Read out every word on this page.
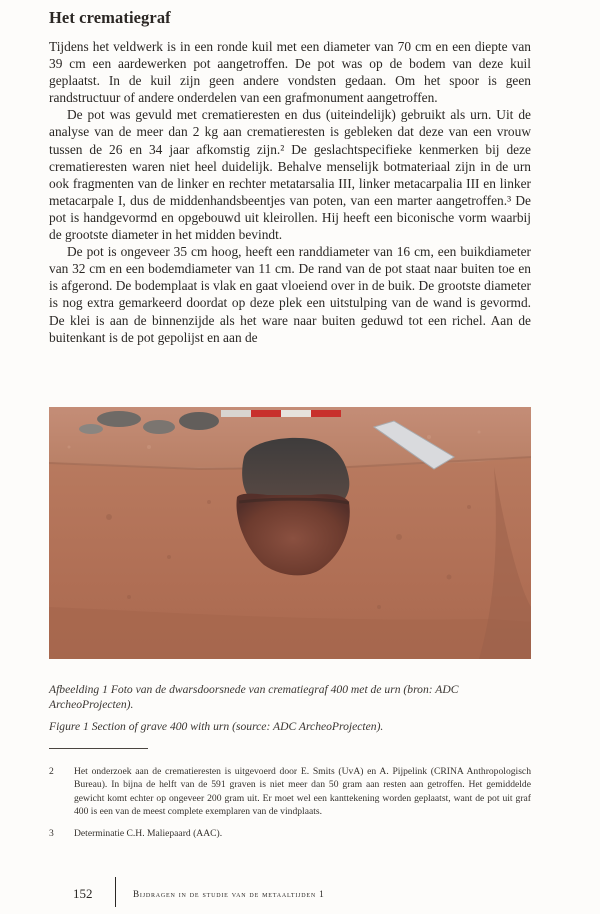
Het crematiegraf

Tijdens het veldwerk is in een ronde kuil met een diameter van 70 cm en een diepte van 39 cm een aardewerken pot aangetroffen. De pot was op de bodem van deze kuil geplaatst. In de kuil zijn geen andere vondsten gedaan. Om het spoor is geen randstructuur of andere onderdelen van een grafmonument aangetroffen.

De pot was gevuld met crematieresten en dus (uiteindelijk) gebruikt als urn. Uit de analyse van de meer dan 2 kg aan crematieresten is gebleken dat deze van een vrouw tussen de 26 en 34 jaar afkomstig zijn.² De geslachtspecifieke kenmerken bij deze crematieresten waren niet heel duidelijk. Behalve menselijk botmateriaal zijn in de urn ook fragmenten van de linker en rechter metatarsalia III, linker metacarpalia III en linker metacarpale I, dus de middenhandsbeentjes van poten, van een marter aangetroffen.³ De pot is handgevormd en opgebouwd uit kleirollen. Hij heeft een biconische vorm waarbij de grootste diameter in het midden bevindt.

De pot is ongeveer 35 cm hoog, heeft een randdiameter van 16 cm, een buikdiameter van 32 cm en een bodemdiameter van 11 cm. De rand van de pot staat naar buiten toe en is afgerond. De bodemplaat is vlak en gaat vloeiend over in de buik. De grootste diameter is nog extra gemarkeerd doordat op deze plek een uitstulping van de wand is gevormd. De klei is aan de binnenzijde als het ware naar buiten geduwd tot een richel. Aan de buitenkant is de pot gepolijst en aan de

Afbeelding 1 Foto van de dwarsdoorsnede van crematiegraf 400 met de urn (bron: ADC ArcheoProjecten).
Figure 1 Section of grave 400 with urn (source: ADC ArcheoProjecten).
2	Het onderzoek aan de crematieresten is uitgevoerd door E. Smits (UvA) en A. Pijpelink (CRINA Anthropologisch Bureau). In bijna de helft van de 591 graven is niet meer dan 50 gram aan resten aan getroffen. Het gemiddelde gewicht komt echter op ongeveer 200 gram uit. Er moet wel een kanttekening worden geplaatst, want de pot uit graf 400 is een van de meest complete exemplaren van de vindplaats.
3	Determinatie C.H. Maliepaard (AAC).
152	Bijdragen in de studie van de metaaltijden 1
